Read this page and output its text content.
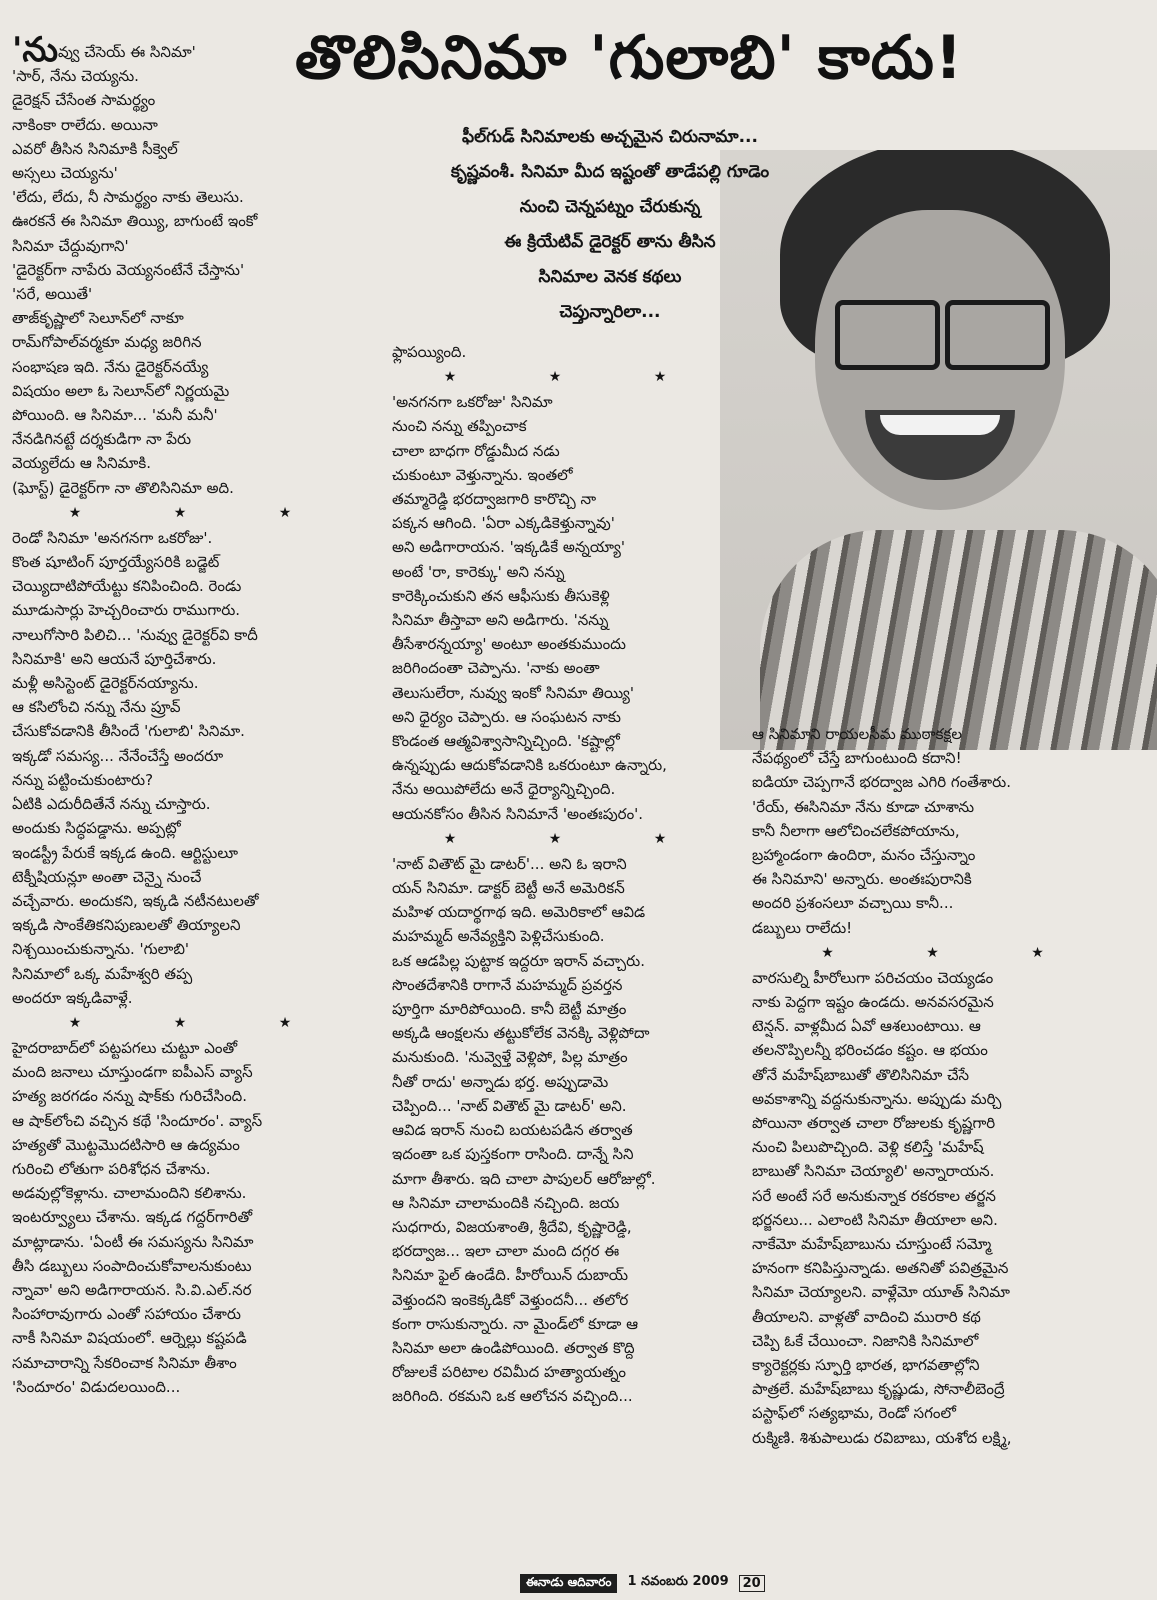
తొలిసినిమా 'గులాబి' కాదు!
ఫీల్‌గుడ్ సినిమాలకు అచ్చమైన చిరునామా...
కృష్ణవంశీ. సినిమా మీద ఇష్టంతో తాడేపల్లి గూడెం
నుంచి చెన్నపట్నం చేరుకున్న
ఈ క్రియేటివ్ డైరెక్టర్ తాను తీసిన
సినిమాల వెనక కథలు
చెప్తున్నారిలా...

'నువ్వు చేసెయ్ ఈ సినిమా'

'సార్, నేను చెయ్యను.

డైరెక్షన్ చేసేంత సామర్థ్యం

నాకింకా రాలేదు. అయినా

ఎవరో తీసిన సినిమాకి సీక్వెల్

అస్సలు చెయ్యను'

'లేదు, లేదు, నీ సామర్థ్యం నాకు తెలుసు.

ఊరకనే ఈ సినిమా తియ్యి, బాగుంటే ఇంకో

సినిమా చేద్దువుగాని'

'డైరెక్టర్‌గా నాపేరు వెయ్యనంటేనే చేస్తాను'

'సరే, అయితే'

తాజ్‌కృష్ణాలో సెలూన్‌లో నాకూ

రామ్‌గోపాల్‌వర్మకూ మధ్య జరిగిన

సంభాషణ ఇది. నేను డైరెక్టర్‌నయ్యే

విషయం అలా ఓ సెలూన్‌లో నిర్ణయమై

పోయింది. ఆ సినిమా... 'మనీ మనీ'

నేనడిగినట్టే దర్శకుడిగా నా పేరు

వెయ్యలేదు ఆ సినిమాకి.

(ఘోస్ట్) డైరెక్టర్‌గా నా తొలిసినిమా అది.

★ ★ ★

రెండో సినిమా 'అనగనగా ఒకరోజు'.

కొంత షూటింగ్ పూర్తయ్యేసరికి బడ్జెట్

చెయ్యిదాటిపోయేట్టు కనిపించింది. రెండు

మూడుసార్లు హెచ్చరించారు రాముగారు.

నాలుగోసారి పిలిచి... 'నువ్వు డైరెక్టర్‌వి కాదీ

సినిమాకి' అని ఆయనే పూర్తిచేశారు.

మళ్లీ అసిస్టెంట్ డైరెక్టర్‌నయ్యాను.

ఆ కసిలోంచి నన్ను నేను ప్రూవ్

చేసుకోవడానికి తీసిందే 'గులాబి' సినిమా.

ఇక్కడో సమస్య... నేనేంచేస్తే అందరూ

నన్ను పట్టించుకుంటారు?

ఏటికి ఎదురీదితేనే నన్ను చూస్తారు.

అందుకు సిద్ధపడ్డాను. అప్పట్లో

ఇండస్ట్రీ పేరుకే ఇక్కడ ఉంది. ఆర్టిస్టులూ

టెక్నీషియన్లూ అంతా చెన్నై నుంచే

వచ్చేవారు. అందుకని, ఇక్కడి నటీనటులతో

ఇక్కడి సాంకేతికనిపుణులతో తియ్యాలని

నిశ్చయించుకున్నాను. 'గులాబి'

సినిమాలో ఒక్క మహేశ్వరి తప్ప

అందరూ ఇక్కడివాళ్లే.

★ ★ ★

హైదరాబాద్‌లో పట్టపగలు చుట్టూ ఎంతో

మంది జనాలు చూస్తుండగా ఐపీఎస్ వ్యాస్

హత్య జరగడం నన్ను షాక్‌కు గురిచేసింది.

ఆ షాక్‌లోంచి వచ్చిన కథే 'సిందూరం'. వ్యాస్

హత్యతో మొట్టమొదటిసారి ఆ ఉద్యమం

గురించి లోతుగా పరిశోధన చేశాను.

అడవుల్లోకెళ్లాను. చాలామందిని కలిశాను.

ఇంటర్వ్యూలు చేశాను. ఇక్కడ గద్దర్‌గారితో

మాట్లాడాను. 'ఏంటీ ఈ సమస్యను సినిమా

తీసి డబ్బులు సంపాదించుకోవాలనుకుంటు

న్నావా' అని అడిగారాయన. సి.వి.ఎల్.నర

సింహారావుగారు ఎంతో సహాయం చేశారు

నాకీ సినిమా విషయంలో. ఆర్నెల్లు కష్టపడి

సమాచారాన్ని సేకరించాక సినిమా తీశాం

'సిందూరం' విడుదలయింది...

ఫ్లాపయ్యింది.

★ ★ ★

'అనగనగా ఒకరోజు' సినిమా

నుంచి నన్ను తప్పించాక

చాలా బాధగా రోడ్డుమీద నడు

చుకుంటూ వెళ్తున్నాను. ఇంతలో

తమ్మారెడ్డి భరద్వాజగారి కారొచ్చి నా

పక్కన ఆగింది. 'ఏరా ఎక్కడికెళ్తున్నావు'

అని అడిగారాయన. 'ఇక్కడికే అన్నయ్యా'

అంటే 'రా, కారెక్కు' అని నన్ను

కారెక్కించుకుని తన ఆఫీసుకు తీసుకెళ్లి

సినిమా తీస్తావా అని అడిగారు. 'నన్ను

తీసేశారన్నయ్యా' అంటూ అంతకుముందు

జరిగిందంతా చెప్పాను. 'నాకు అంతా

తెలుసులేరా, నువ్వు ఇంకో సినిమా తియ్యి'

అని ధైర్యం చెప్పారు. ఆ సంఘటన నాకు

కొండంత ఆత్మవిశ్వాసాన్నిచ్చింది. 'కష్టాల్లో

ఉన్నప్పుడు ఆదుకోవడానికి ఒకరుంటూ ఉన్నారు,

నేను అయిపోలేదు అనే ధైర్యాన్నిచ్చింది.

ఆయనకోసం తీసిన సినిమానే 'అంతఃపురం'.

★ ★ ★

'నాట్ వితౌట్ మై డాటర్'... అని ఓ ఇరాని

యన్ సినిమా. డాక్టర్ బెట్టీ అనే అమెరికన్

మహిళ యదార్థగాథ ఇది. అమెరికాలో ఆవిడ

మహమ్మద్ అనేవ్యక్తిని పెళ్లిచేసుకుంది.

ఒక ఆడపిల్ల పుట్టాక ఇద్దరూ ఇరాన్ వచ్చారు.

సొంతదేశానికి రాగానే మహమ్మద్ ప్రవర్తన

పూర్తిగా మారిపోయింది. కానీ బెట్టీ మాత్రం

అక్కడి ఆంక్షలను తట్టుకోలేక వెనక్కి వెళ్లిపోదా

మనుకుంది. 'నువ్వెళ్తే వెళ్లిపో, పిల్ల మాత్రం

నీతో రాదు' అన్నాడు భర్త. అప్పుడామె

చెప్పింది... 'నాట్ వితౌట్ మై డాటర్' అని.

ఆవిడ ఇరాన్ నుంచి బయటపడిన తర్వాత

ఇదంతా ఒక పుస్తకంగా రాసింది. దాన్నే సిని

మాగా తీశారు. ఇది చాలా పాపులర్ ఆరోజుల్లో.

ఆ సినిమా చాలామందికి నచ్చింది. జయ

సుధగారు, విజయశాంతి, శ్రీదేవి, కృష్ణారెడ్డి,

భరద్వాజ... ఇలా చాలా మంది దగ్గర ఈ

సినిమా ఫైల్ ఉండేది. హీరోయిన్ దుబాయ్

వెళ్తుందని ఇంకెక్కడికో వెళ్తుందనీ... తలోర

కంగా రాసుకున్నారు. నా మైండ్‌లో కూడా ఆ

సినిమా అలా ఉండిపోయింది. తర్వాత కొద్ది

రోజులకే పరిటాల రవిమీద హత్యాయత్నం

జరిగింది. రకమని ఒక ఆలోచన వచ్చింది...

ఆ సినిమాని రాయలసీమ ముఠాకక్షల

నేపథ్యంలో చేస్తే బాగుంటుంది కదాని!

ఐడియా చెప్పగానే భరద్వాజ ఎగిరి గంతేశారు.

'రేయ్, ఈసినిమా నేను కూడా చూశాను

కానీ నీలాగా ఆలోచించలేకపోయాను,

బ్రహ్మాండంగా ఉందిరా, మనం చేస్తున్నాం

ఈ సినిమాని' అన్నారు. అంతఃపురానికి

అందరి ప్రశంసలూ వచ్చాయి కానీ...

డబ్బులు రాలేదు!

★ ★ ★

వారసుల్ని హీరోలుగా పరిచయం చెయ్యడం

నాకు పెద్దగా ఇష్టం ఉండదు. అనవసరమైన

టెన్షన్. వాళ్లమీద ఏవో ఆశలుంటాయి. ఆ

తలనొప్పిలన్నీ భరించడం కష్టం. ఆ భయం

తోనే మహేష్‌బాబుతో తొలిసినిమా చేసే

అవకాశాన్ని వద్దనుకున్నాను. అప్పుడు మర్చి

పోయినా తర్వాత చాలా రోజులకు కృష్ణగారి

నుంచి పిలుపొచ్చింది. వెళ్లి కలిస్తే 'మహేష్

బాబుతో సినిమా చెయ్యాలి' అన్నారాయన.

సరే అంటే సరే అనుకున్నాక రకరకాల తర్జన

భర్జనలు... ఎలాంటి సినిమా తీయాలా అని.

నాకేమో మహేష్‌బాబును చూస్తుంటే సమ్మో

హనంగా కనిపిస్తున్నాడు. అతనితో పవిత్రమైన

సినిమా చెయ్యాలని. వాళ్లేమో యూత్ సినిమా

తీయాలని. వాళ్లతో వాదించి మురారి కథ

చెప్పి ఓకే చేయించా. నిజానికి సినిమాలో

క్యారెక్టర్లకు స్ఫూర్తి భారత, భాగవతాల్లోని

పాత్రలే. మహేష్‌బాబు కృష్ణుడు, సోనాలీబెంద్రే

పస్టాఫ్‌లో సత్యభామ, రెండో సగంలో

రుక్మిణి. శిశుపాలుడు రవిబాబు, యశోద లక్ష్మి,

ఈనాడు ఆదివారం	1 నవంబరు 2009	20
